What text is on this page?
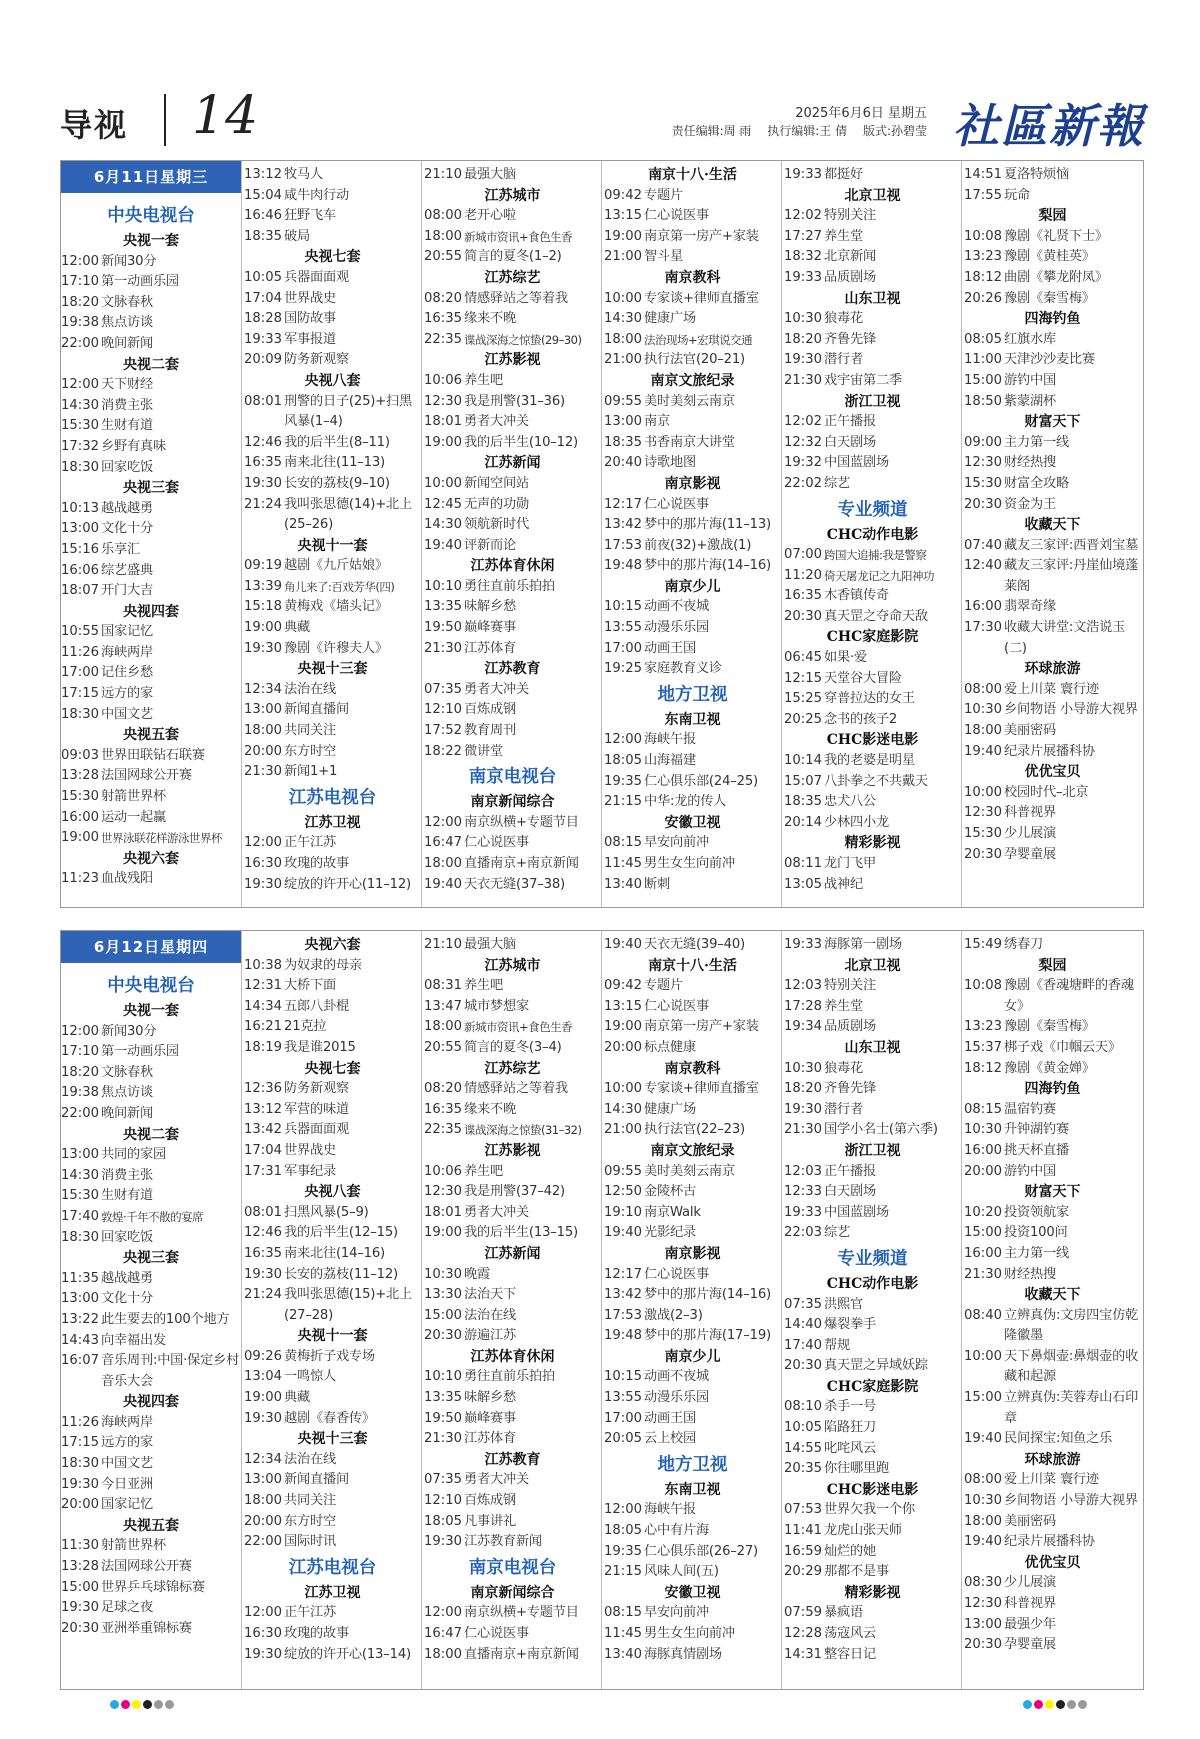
导视 14	2025年6月6日 星期五
责任编辑:周 雨 执行编辑:王 倩 版式:孙碧莹 社區新報
6月11日星期三
中央电视台
央视一套
12:00 新闻30分
17:10 第一动画乐园
18:20 文脉春秋
19:38 焦点访谈
22:00 晚间新闻
央视二套
12:00 天下财经
14:30 消费主张
15:30 生财有道
17:32 乡野有真味
18:30 回家吃饭
央视三套
10:13 越战越勇
13:00 文化十分
15:16 乐享汇
16:06 综艺盛典
18:07 开门大吉
央视四套
10:55 国家记忆
11:26 海峡两岸
17:00 记住乡愁
17:15 远方的家
18:30 中国文艺
央视五套
09:03 世界田联钻石联赛
13:28 法国网球公开赛
15:30 射箭世界杯
16:00 运动一起赢
19:00 世界泳联花样游泳世界杯
央视六套
11:23 血战残阳
13:12 牧马人
15:04 咸牛肉行动
16:46 狂野飞车
18:35 破局
央视七套
10:05 兵器面面观
17:04 世界战史
18:28 国防故事
19:33 军事报道
20:09 防务新观察
央视八套
08:01 刑警的日子(25)+扫黑风暴(1–4)
12:46 我的后半生(8–11)
16:35 南来北往(11–13)
19:30 长安的荔枝(9–10)
21:24 我叫张思德(14)+北上(25–26)
央视十一套
09:19 越剧《九斤姑娘》
13:39 角儿来了:百戏芳华(四)
15:18 黄梅戏《墙头记》
19:00 典藏
19:30 豫剧《许穆夫人》
央视十三套
12:34 法治在线
13:00 新闻直播间
18:00 共同关注
20:00 东方时空
21:30 新闻1+1
江苏电视台
江苏卫视
12:00 正午江苏
16:30 玫瑰的故事
19:30 绽放的许开心(11–12)
21:10 最强大脑
江苏城市
08:00 老开心啦
18:00 新城市资讯+食色生香
20:55 简言的夏冬(1–2)
江苏综艺
08:20 情感驿站之等着我
16:35 缘来不晚
22:35 谍战深海之惊蛰(29–30)
江苏影视
10:06 养生吧
12:30 我是刑警(31–36)
18:01 勇者大冲关
19:00 我的后半生(10–12)
江苏新闻
10:00 新闻空间站
12:45 无声的功勋
14:30 领航新时代
19:40 评新而论
江苏体育休闲
10:10 勇往直前乐拍拍
13:35 味解乡愁
19:50 巅峰赛事
21:30 江苏体育
江苏教育
07:35 勇者大冲关
12:10 百炼成钢
17:52 教育周刊
18:22 微讲堂
南京电视台
南京新闻综合
12:00 南京纵横+专题节目
16:47 仁心说医事
18:00 直播南京+南京新闻
19:40 天衣无缝(37–38)
南京十八·生活
09:42 专题片
13:15 仁心说医事
19:00 南京第一房产+家装
21:00 智斗星
南京教科
10:00 专家谈+律师直播室
14:30 健康广场
18:00 法治现场+宏琪说交通
21:00 执行法官(20–21)
南京文旅纪录
09:55 美时美刻云南京
13:00 南京
18:35 书香南京大讲堂
20:40 诗歌地图
南京影视
12:17 仁心说医事
13:42 梦中的那片海(11–13)
17:53 前夜(32)+激战(1)
19:48 梦中的那片海(14–16)
南京少儿
10:15 动画不夜城
13:55 动漫乐乐园
17:00 动画王国
19:25 家庭教育义诊
地方卫视
东南卫视
12:00 海峡午报
18:05 山海福建
19:35 仁心俱乐部(24–25)
21:15 中华:龙的传人
安徽卫视
08:15 早安向前冲
11:45 男生女生向前冲
13:40 断刺
19:33 都挺好
北京卫视
12:02 特别关注
17:27 养生堂
18:32 北京新闻
19:33 品质剧场
山东卫视
10:30 狼毒花
18:20 齐鲁先锋
19:30 潜行者
21:30 戏宇宙第二季
浙江卫视
12:02 正午播报
12:32 白天剧场
19:32 中国蓝剧场
22:02 综艺
专业频道
CHC动作电影
07:00 跨国大追捕:我是警察
11:20 倚天屠龙记之九阳神功
16:35 木香镇传奇
20:30 真天罡之夺命天敌
CHC家庭影院
06:45 如果·爱
12:15 天堂谷大冒险
15:25 穿普拉达的女王
20:25 念书的孩子2
CHC影迷电影
10:14 我的老婆是明星
15:07 八卦拳之不共戴天
18:35 忠犬八公
20:14 少林四小龙
精彩影视
08:11 龙门飞甲
13:05 战神纪
14:51 夏洛特烦恼
17:55 玩命
梨园
10:08 豫剧《礼贤下士》
13:23 豫剧《黄桂英》
18:12 曲剧《攀龙附凤》
20:26 豫剧《秦雪梅》
四海钓鱼
08:05 红旗水库
11:00 天津沙沙麦比赛
15:00 游钓中国
18:50 紫蒙湖杯
财富天下
09:00 主力第一线
12:30 财经热搜
15:30 财富全攻略
20:30 资金为王
收藏天下
07:40 藏友三家评:西晋刘宝墓
12:40 藏友三家评:丹崖仙境蓬莱阁
16:00 翡翠奇缘
17:30 收藏大讲堂:文浩说玉(二)
环球旅游
08:00 爱上川菜 寰行迹
10:30 乡间物语 小导游大视界
18:00 美丽密码
19:40 纪录片展播科协
优优宝贝
10:00 校园时代–北京
12:30 科普视界
15:30 少儿展演
20:30 孕婴童展
6月12日星期四
中央电视台
央视一套
12:00 新闻30分
17:10 第一动画乐园
18:20 文脉春秋
19:38 焦点访谈
22:00 晚间新闻
央视二套
13:00 共同的家园
14:30 消费主张
15:30 生财有道
17:40 敦煌·千年不散的宴席
18:30 回家吃饭
央视三套
11:35 越战越勇
13:00 文化十分
13:22 此生要去的100个地方
14:43 向幸福出发
16:07 音乐周刊:中国·保定乡村音乐大会
央视四套
11:26 海峡两岸
17:15 远方的家
18:30 中国文艺
19:30 今日亚洲
20:00 国家记忆
央视五套
11:30 射箭世界杯
13:28 法国网球公开赛
15:00 世界乒乓球锦标赛
19:30 足球之夜
20:30 亚洲举重锦标赛
央视六套
10:38 为奴隶的母亲
12:31 大桥下面
14:34 五郎八卦棍
16:21 21克拉
18:19 我是谁2015
央视七套
12:36 防务新观察
13:12 军营的味道
13:42 兵器面面观
17:04 世界战史
17:31 军事纪录
央视八套
08:01 扫黑风暴(5–9)
12:46 我的后半生(12–15)
16:35 南来北往(14–16)
19:30 长安的荔枝(11–12)
21:24 我叫张思德(15)+北上(27–28)
央视十一套
09:26 黄梅折子戏专场
13:04 一鸣惊人
19:00 典藏
19:30 越剧《春香传》
央视十三套
12:34 法治在线
13:00 新闻直播间
18:00 共同关注
20:00 东方时空
22:00 国际时讯
江苏电视台
江苏卫视
12:00 正午江苏
16:30 玫瑰的故事
19:30 绽放的许开心(13–14)
21:10 最强大脑
江苏城市
08:31 养生吧
13:47 城市梦想家
18:00 新城市资讯+食色生香
20:55 简言的夏冬(3–4)
江苏综艺
08:20 情感驿站之等着我
16:35 缘来不晚
22:35 谍战深海之惊蛰(31–32)
江苏影视
10:06 养生吧
12:30 我是刑警(37–42)
18:01 勇者大冲关
19:00 我的后半生(13–15)
江苏新闻
10:30 晚霞
13:30 法治天下
15:00 法治在线
20:30 游遍江苏
江苏体育休闲
10:10 勇往直前乐拍拍
13:35 味解乡愁
19:50 巅峰赛事
21:30 江苏体育
江苏教育
07:35 勇者大冲关
12:10 百炼成钢
18:05 凡事讲礼
19:30 江苏教育新闻
南京电视台
南京新闻综合
12:00 南京纵横+专题节目
16:47 仁心说医事
18:00 直播南京+南京新闻
19:40 天衣无缝(39–40)
南京十八·生活
09:42 专题片
13:15 仁心说医事
19:00 南京第一房产+家装
20:00 标点健康
南京教科
10:00 专家谈+律师直播室
14:30 健康广场
21:00 执行法官(22–23)
南京文旅纪录
09:55 美时美刻云南京
12:50 金陵杯古
19:10 南京Walk
19:40 光影纪录
南京影视
12:17 仁心说医事
13:42 梦中的那片海(14–16)
17:53 激战(2–3)
19:48 梦中的那片海(17–19)
南京少儿
10:15 动画不夜城
13:55 动漫乐乐园
17:00 动画王国
20:05 云上校园
地方卫视
东南卫视
12:00 海峡午报
18:05 心中有片海
19:35 仁心俱乐部(26–27)
21:15 风味人间(五)
安徽卫视
08:15 早安向前冲
11:45 男生女生向前冲
13:40 海豚真情剧场
19:33 海豚第一剧场
北京卫视
12:03 特别关注
17:28 养生堂
19:34 品质剧场
山东卫视
10:30 狼毒花
18:20 齐鲁先锋
19:30 潜行者
21:30 国学小名士(第六季)
浙江卫视
12:03 正午播报
12:33 白天剧场
19:33 中国蓝剧场
22:03 综艺
专业频道
CHC动作电影
07:35 洪熙官
14:40 爆裂拳手
17:40 帮规
20:30 真天罡之异域妖踪
CHC家庭影院
08:10 杀手一号
10:05 陷路狂刀
14:55 叱咤风云
20:35 你往哪里跑
CHC影迷电影
07:53 世界欠我一个你
11:41 龙虎山张天师
16:59 灿烂的她
20:29 那都不是事
精彩影视
07:59 暴疯语
12:28 荡寇风云
14:31 整容日记
15:49 绣春刀
梨园
10:08 豫剧《香魂塘畔的香魂女》
13:23 豫剧《秦雪梅》
15:37 梆子戏《巾帼云天》
18:12 豫剧《黄金婵》
四海钓鱼
08:15 温宿钓赛
10:30 升钟湖钓赛
16:00 挑天杯直播
20:00 游钓中国
财富天下
10:20 投资领航家
15:00 投资100问
16:00 主力第一线
21:30 财经热搜
收藏天下
08:40 立辨真伪:文房四宝仿乾隆徽墨
10:00 天下鼻烟壶:鼻烟壶的收藏和起源
15:00 立辨真伪:芙蓉寿山石印章
19:40 民间探宝:知鱼之乐
环球旅游
08:00 爱上川菜 寰行迹
10:30 乡间物语 小导游大视界
18:00 美丽密码
19:40 纪录片展播科协
优优宝贝
08:30 少儿展演
12:30 科普视界
13:00 最强少年
20:30 孕婴童展
